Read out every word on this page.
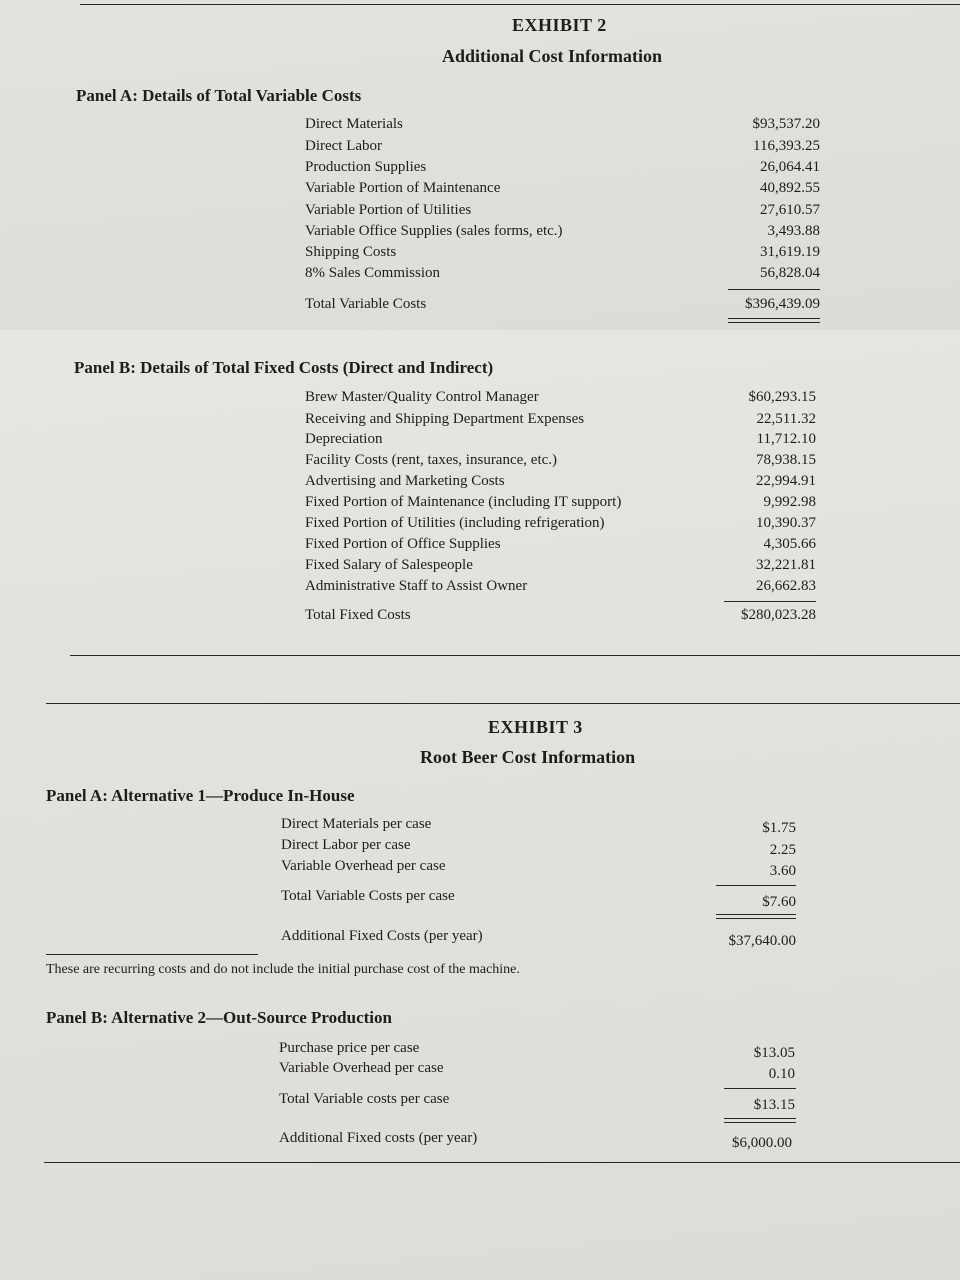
EXHIBIT 2
Additional Cost Information
Panel A: Details of Total Variable Costs
Direct Materials	$93,537.20
Direct Labor	116,393.25
Production Supplies	26,064.41
Variable Portion of Maintenance	40,892.55
Variable Portion of Utilities	27,610.57
Variable Office Supplies (sales forms, etc.)	3,493.88
Shipping Costs	31,619.19
8% Sales Commission	56,828.04
Total Variable Costs	$396,439.09
Panel B: Details of Total Fixed Costs (Direct and Indirect)
Brew Master/Quality Control Manager	$60,293.15
Receiving and Shipping Department Expenses	22,511.32
Depreciation	11,712.10
Facility Costs (rent, taxes, insurance, etc.)	78,938.15
Advertising and Marketing Costs	22,994.91
Fixed Portion of Maintenance (including IT support)	9,992.98
Fixed Portion of Utilities (including refrigeration)	10,390.37
Fixed Portion of Office Supplies	4,305.66
Fixed Salary of Salespeople	32,221.81
Administrative Staff to Assist Owner	26,662.83
Total Fixed Costs	$280,023.28
EXHIBIT 3
Root Beer Cost Information
Panel A: Alternative 1—Produce In-House
Direct Materials per case	$1.75
Direct Labor per case	2.25
Variable Overhead per case	3.60
Total Variable Costs per case	$7.60
Additional Fixed Costs (per year)	$37,640.00
These are recurring costs and do not include the initial purchase cost of the machine.
Panel B: Alternative 2—Out-Source Production
Purchase price per case	$13.05
Variable Overhead per case	0.10
Total Variable costs per case	$13.15
Additional Fixed costs (per year)	$6,000.00
